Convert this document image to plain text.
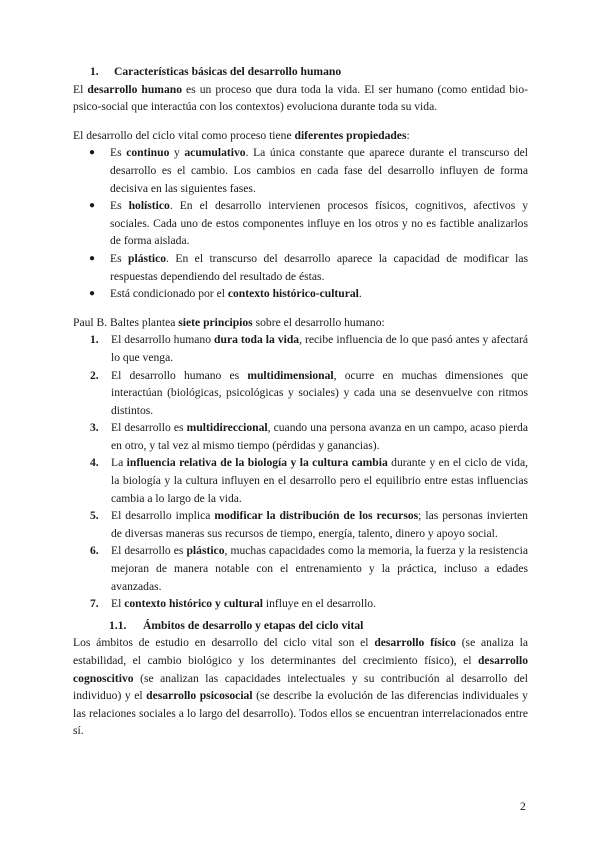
1. Características básicas del desarrollo humano

El desarrollo humano es un proceso que dura toda la vida. El ser humano (como entidad bio-psico-social que interactúa con los contextos) evoluciona durante toda su vida.

El desarrollo del ciclo vital como proceso tiene diferentes propiedades:

● Es continuo y acumulativo. La única constante que aparece durante el transcurso del desarrollo es el cambio. Los cambios en cada fase del desarrollo influyen de forma decisiva en las siguientes fases.
● Es holístico. En el desarrollo intervienen procesos físicos, cognitivos, afectivos y sociales. Cada uno de estos componentes influye en los otros y no es factible analizarlos de forma aislada.
● Es plástico. En el transcurso del desarrollo aparece la capacidad de modificar las respuestas dependiendo del resultado de éstas.
● Está condicionado por el contexto histórico-cultural.

Paul B. Baltes plantea siete principios sobre el desarrollo humano:

1. El desarrollo humano dura toda la vida, recibe influencia de lo que pasó antes y afectará lo que venga.
2. El desarrollo humano es multidimensional, ocurre en muchas dimensiones que interactúan (biológicas, psicológicas y sociales) y cada una se desenvuelve con ritmos distintos.
3. El desarrollo es multidireccional, cuando una persona avanza en un campo, acaso pierda en otro, y tal vez al mismo tiempo (pérdidas y ganancias).
4. La influencia relativa de la biología y la cultura cambia durante y en el ciclo de vida, la biología y la cultura influyen en el desarrollo pero el equilibrio entre estas influencias cambia a lo largo de la vida.
5. El desarrollo implica modificar la distribución de los recursos; las personas invierten de diversas maneras sus recursos de tiempo, energía, talento, dinero y apoyo social.
6. El desarrollo es plástico, muchas capacidades como la memoria, la fuerza y la resistencia mejoran de manera notable con el entrenamiento y la práctica, incluso a edades avanzadas.
7. El contexto histórico y cultural influye en el desarrollo.

1.1. Ámbitos de desarrollo y etapas del ciclo vital

Los ámbitos de estudio en desarrollo del ciclo vital son el desarrollo físico (se analiza la estabilidad, el cambio biológico y los determinantes del crecimiento físico), el desarrollo cognoscitivo (se analizan las capacidades intelectuales y su contribución al desarrollo del individuo) y el desarrollo psicosocial (se describe la evolución de las diferencias individuales y las relaciones sociales a lo largo del desarrollo). Todos ellos se encuentran interrelacionados entre sí.

2
